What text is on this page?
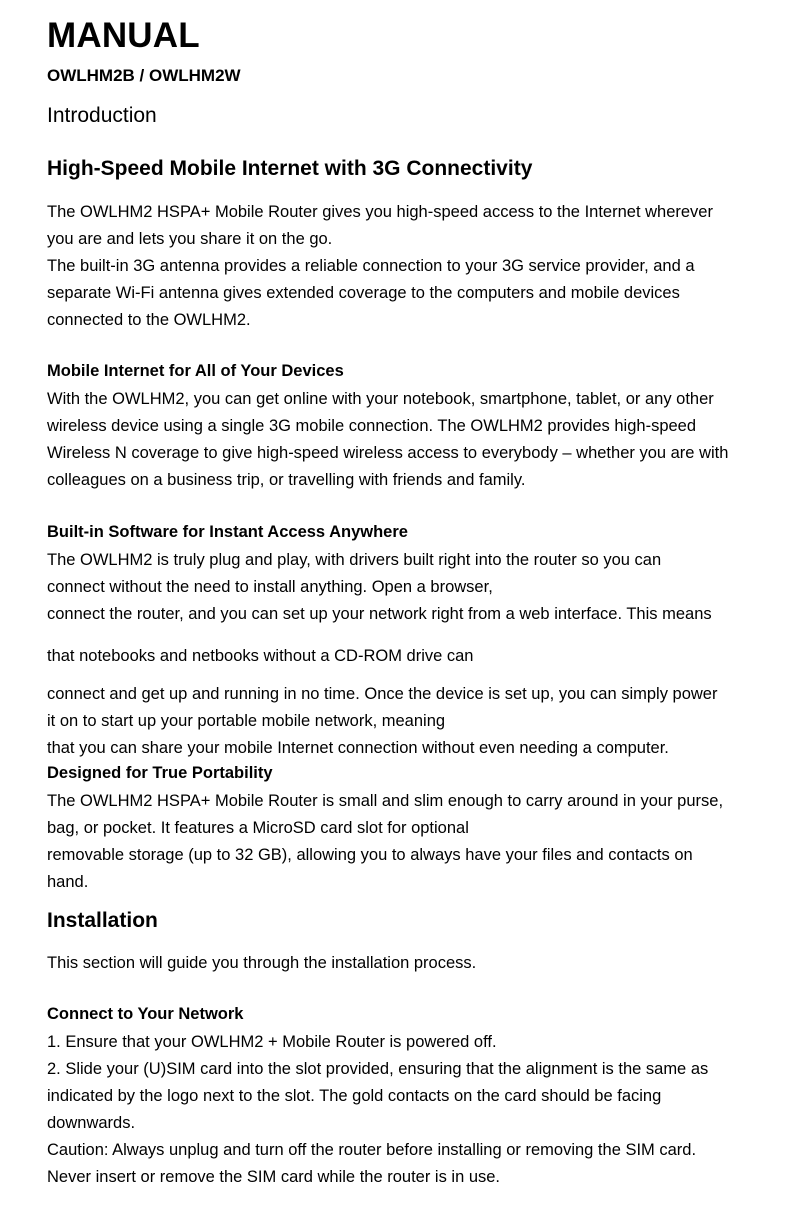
MANUAL
OWLHM2B / OWLHM2W
Introduction
High-Speed Mobile Internet with 3G Connectivity
The OWLHM2 HSPA+ Mobile Router gives you high-speed access to the Internet wherever
you are and lets you share it on the go.
The built-in 3G antenna provides a reliable connection to your 3G service provider, and a
separate Wi-Fi antenna gives extended coverage to the computers and mobile devices
connected to the OWLHM2.
Mobile Internet for All of Your Devices
With the OWLHM2, you can get online with your notebook, smartphone, tablet, or any other
wireless device using a single 3G mobile connection. The OWLHM2 provides high-speed
Wireless N coverage to give high-speed wireless access to everybody – whether you are with
colleagues on a business trip, or travelling with friends and family.
Built-in Software for Instant Access Anywhere
The OWLHM2 is truly plug and play, with drivers built right into the router so you can
connect without the need to install anything. Open a browser,
connect the router, and you can set up your network right from a web interface. This means
that notebooks and netbooks without a CD-ROM drive can
connect and get up and running in no time. Once the device is set up, you can simply power
it on to start up your portable mobile network, meaning
that you can share your mobile Internet connection without even needing a computer.
Designed for True Portability
The OWLHM2 HSPA+ Mobile Router is small and slim enough to carry around in your purse,
bag, or pocket. It features a MicroSD card slot for optional
removable storage (up to 32 GB), allowing you to always have your files and contacts on
hand.
Installation
This section will guide you through the installation process.
Connect to Your Network
1. Ensure that your OWLHM2 + Mobile Router is powered off.
2. Slide your (U)SIM card into the slot provided, ensuring that the alignment is the same as
indicated by the logo next to the slot. The gold contacts on the card should be facing
downwards.
Caution: Always unplug and turn off the router before installing or removing the SIM card.
Never insert or remove the SIM card while the router is in use.
